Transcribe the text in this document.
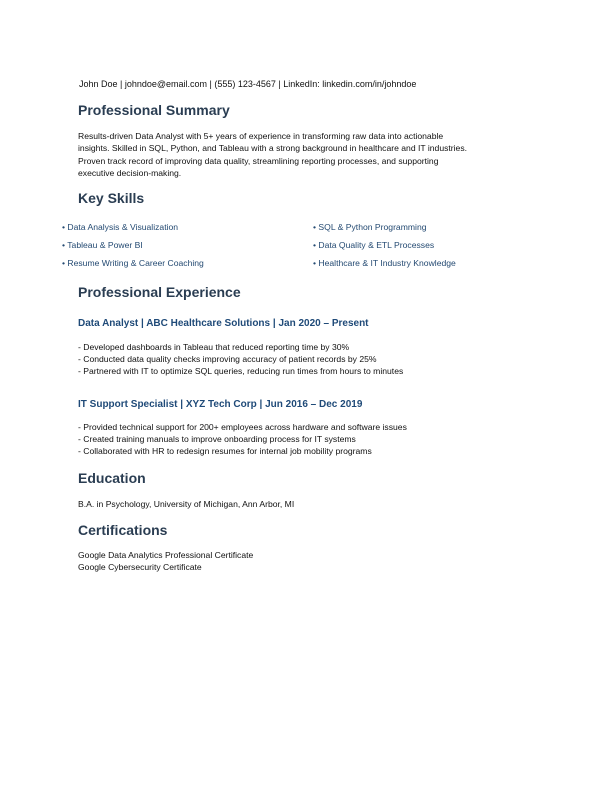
John Doe | johndoe@email.com | (555) 123-4567 | LinkedIn: linkedin.com/in/johndoe
Professional Summary
Results-driven Data Analyst with 5+ years of experience in transforming raw data into actionable
insights. Skilled in SQL, Python, and Tableau with a strong background in healthcare and IT industries.
Proven track record of improving data quality, streamlining reporting processes, and supporting
executive decision-making.
Key Skills
• Data Analysis & Visualization	• SQL & Python Programming
• Tableau & Power BI	• Data Quality & ETL Processes
• Resume Writing & Career Coaching	• Healthcare & IT Industry Knowledge
Professional Experience
Data Analyst | ABC Healthcare Solutions | Jan 2020 – Present
- Developed dashboards in Tableau that reduced reporting time by 30%
- Conducted data quality checks improving accuracy of patient records by 25%
- Partnered with IT to optimize SQL queries, reducing run times from hours to minutes
IT Support Specialist | XYZ Tech Corp | Jun 2016 – Dec 2019
- Provided technical support for 200+ employees across hardware and software issues
- Created training manuals to improve onboarding process for IT systems
- Collaborated with HR to redesign resumes for internal job mobility programs
Education
B.A. in Psychology, University of Michigan, Ann Arbor, MI
Certifications
Google Data Analytics Professional Certificate
Google Cybersecurity Certificate
